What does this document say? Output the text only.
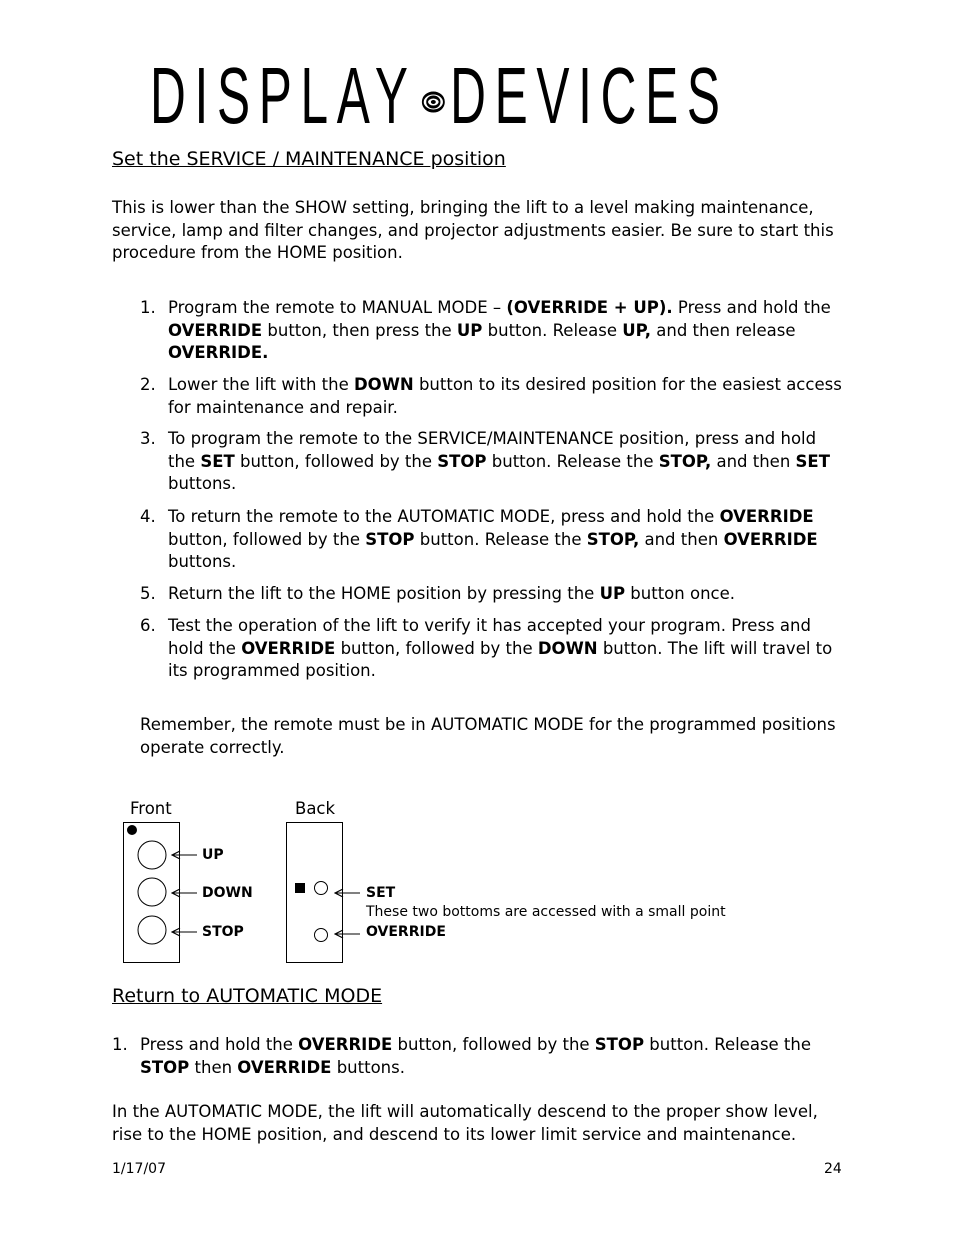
DISPLAY DEVICES
Set the SERVICE / MAINTENANCE position
This is lower than the SHOW setting, bringing the lift to a level making maintenance, service, lamp and filter changes, and projector adjustments easier. Be sure to start this procedure from the HOME position.
1. Program the remote to MANUAL MODE – (OVERRIDE + UP). Press and hold the OVERRIDE button, then press the UP button. Release UP, and then release OVERRIDE.
2. Lower the lift with the DOWN button to its desired position for the easiest access for maintenance and repair.
3. To program the remote to the SERVICE/MAINTENANCE position, press and hold the SET button, followed by the STOP button. Release the STOP, and then SET buttons.
4. To return the remote to the AUTOMATIC MODE, press and hold the OVERRIDE button, followed by the STOP button. Release the STOP, and then OVERRIDE buttons.
5. Return the lift to the HOME position by pressing the UP button once.
6. Test the operation of the lift to verify it has accepted your program. Press and hold the OVERRIDE button, followed by the DOWN button. The lift will travel to its programmed position.
Remember, the remote must be in AUTOMATIC MODE for the programmed positions operate correctly.
Front	Back
UP
DOWN
STOP
SET
These two bottoms are accessed with a small point
OVERRIDE
Return to AUTOMATIC MODE
1. Press and hold the OVERRIDE button, followed by the STOP button. Release the STOP then OVERRIDE buttons.
In the AUTOMATIC MODE, the lift will automatically descend to the proper show level, rise to the HOME position, and descend to its lower limit service and maintenance.
1/17/07	24
